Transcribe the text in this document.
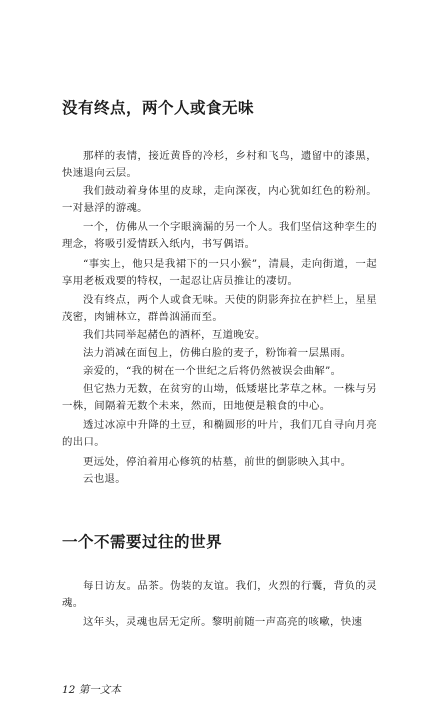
没有终点，两个人或食无味

那样的表情，接近黄昏的冷杉，乡村和飞鸟，遗留中的漆黑，快速退向云层。

我们鼓动着身体里的皮球，走向深夜，内心犹如红色的粉剂。一对悬浮的游魂。

一个，仿佛从一个字眼滴漏的另一个人。我们坚信这种孪生的理念，将吸引爱情跃入纸内，书写偶语。

“事实上，他只是我裙下的一只小猴”，清晨，走向街道，一起享用老板戏要的特权，一起忍让店员推让的凄切。

没有终点，两个人或食无味。天使的阴影奔拉在护栏上，星星茂密，肉铺林立，群兽汹涌而至。

我们共同举起赭色的酒杯，互道晚安。

法力消减在面包上，仿佛白脸的麦子，粉饰着一层黑雨。

亲爱的，“我的树在一个世纪之后将仍然被误会曲解”。

但它热力无数，在贫穷的山坳，低矮堪比茅草之林。一株与另一株，间隔着无数个未来，然而，田地便是粮食的中心。

透过冰凉中升降的土豆，和椭圆形的叶片，我们兀自寻向月亮的出口。

更远处，停泊着用心修筑的枯墓，前世的倒影映入其中。

云也退。

一个不需要过往的世界

每日访友。品茶。伪装的友谊。我们，火烈的行囊，背负的灵魂。

这年头，灵魂也居无定所。黎明前随一声高亮的咳嗽，快速

12 第一文本
